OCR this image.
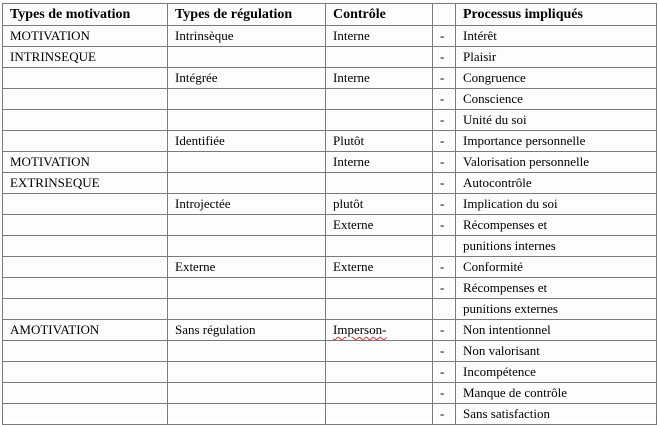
Types de motivation	Types de régulation	Contrôle		Processus impliqués
MOTIVATION	Intrinsèque	Interne	-	Intérêt
INTRINSEQUE			-	Plaisir
	Intégrée	Interne	-	Congruence
			-	Conscience
			-	Unité du soi
	Identifiée	Plutôt	-	Importance personnelle
MOTIVATION		Interne	-	Valorisation personnelle
EXTRINSEQUE			-	Autocontrôle
	Introjectée	plutôt	-	Implication du soi
		Externe	-	Récompenses et
				punitions internes
	Externe	Externe	-	Conformité
			-	Récompenses et
				punitions externes
AMOTIVATION	Sans régulation	Imperson-	-	Non intentionnel
			-	Non valorisant
			-	Incompétence
			-	Manque de contrôle
			-	Sans satisfaction
